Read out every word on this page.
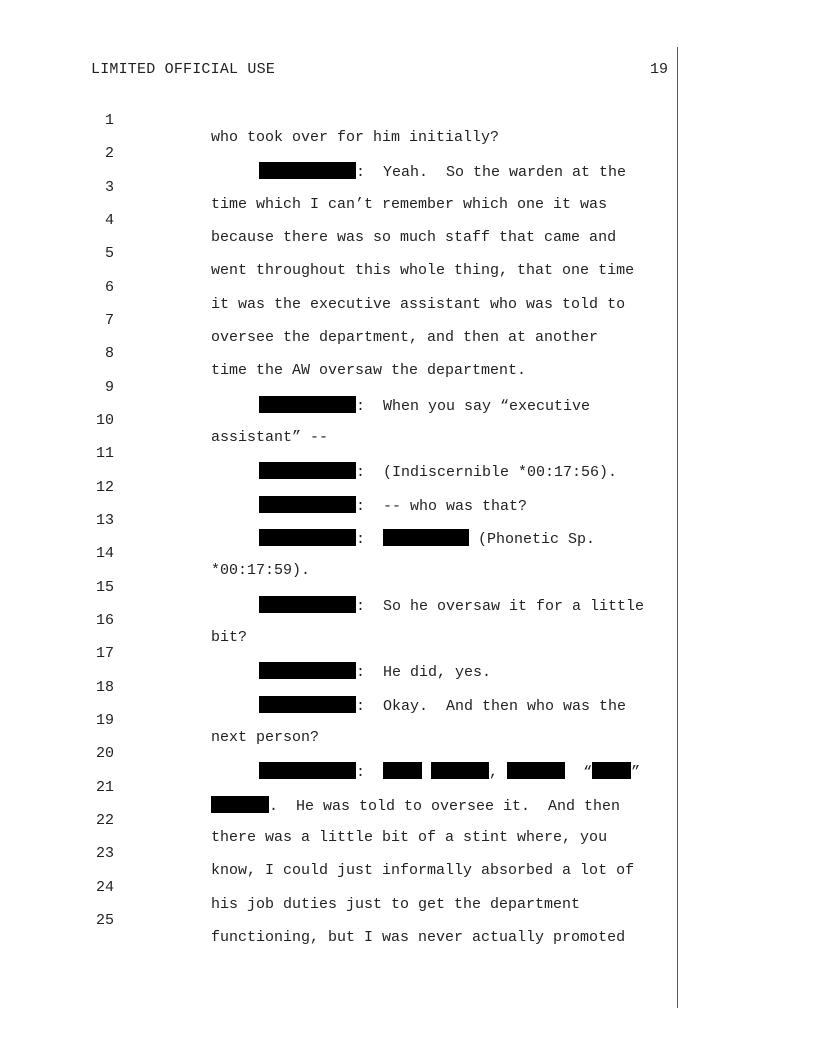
LIMITED OFFICIAL USE	19

1

who took over for him initially?

2

:  Yeah.  So the warden at the

3

time which I can’t remember which one it was

4

because there was so much staff that came and

5

went throughout this whole thing, that one time

6

it was the executive assistant who was told to

7

oversee the department, and then at another

8

time the AW oversaw the department.

9

:  When you say “executive

10

assistant” --

11

:  (Indiscernible *00:17:56).

12

:  -- who was that?

13

:	(Phonetic Sp.

14

*00:17:59).

15

:  So he oversaw it for a little

16

bit?

17

:  He did, yes.

18

:  Okay.  And then who was the

19

next person?

20

:	,	“	”

21

.  He was told to oversee it.  And then

22

there was a little bit of a stint where, you

23

know, I could just informally absorbed a lot of

24

his job duties just to get the department

25

functioning, but I was never actually promoted
